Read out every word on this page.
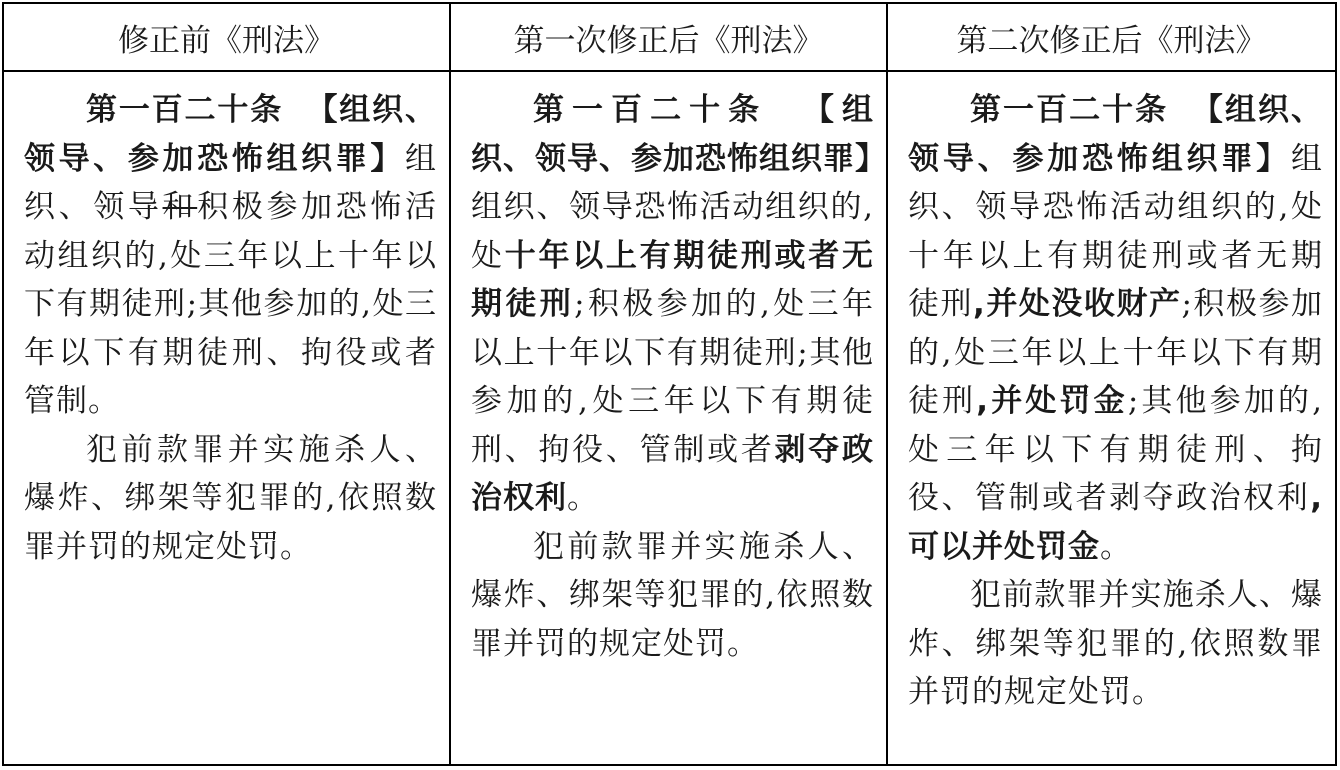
修正前《刑法》	第一次修正后《刑法》	第二次修正后《刑法》

第一百二十条 【组织、领导、参加恐怖组织罪】组织、领导和积极参加恐怖活动组织的,处三年以上十年以下有期徒刑;其他参加的,处三年以下有期徒刑、拘役或者管制。

犯前款罪并实施杀人、爆炸、绑架等犯罪的,依照数罪并罚的规定处罚。

第一百二十条 【组织、领导、参加恐怖组织罪】组织、领导恐怖活动组织的,处十年以上有期徒刑或者无期徒刑;积极参加的,处三年以上十年以下有期徒刑;其他参加的,处三年以下有期徒刑、拘役、管制或者剥夺政治权利。

犯前款罪并实施杀人、爆炸、绑架等犯罪的,依照数罪并罚的规定处罚。

第一百二十条 【组织、领导、参加恐怖组织罪】组织、领导恐怖活动组织的,处十年以上有期徒刑或者无期徒刑,并处没收财产;积极参加的,处三年以上十年以下有期徒刑,并处罚金;其他参加的,处三年以下有期徒刑、拘役、管制或者剥夺政治权利,可以并处罚金。

犯前款罪并实施杀人、爆炸、绑架等犯罪的,依照数罪并罚的规定处罚。
